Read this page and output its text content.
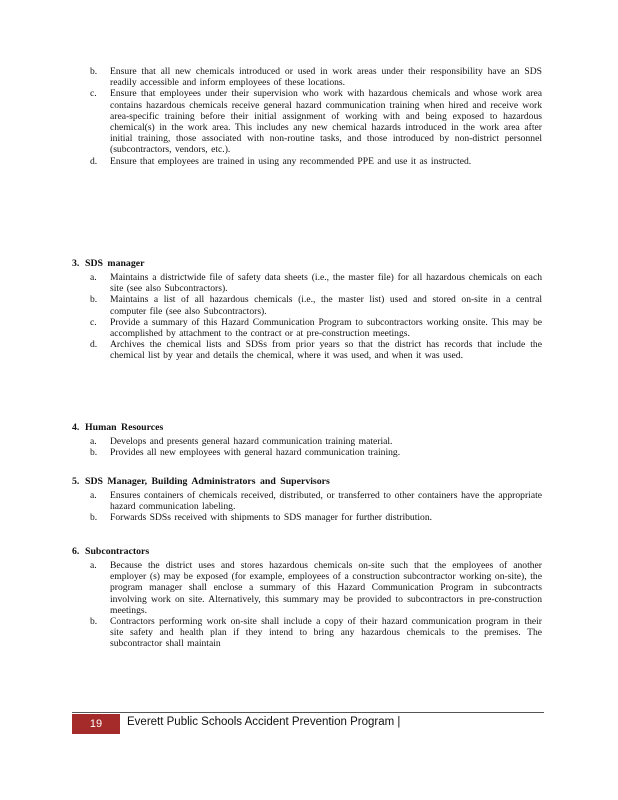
b.	Ensure that all new chemicals introduced or used in work areas under their responsibility have an SDS readily accessible and inform employees of these locations.
c.	Ensure that employees under their supervision who work with hazardous chemicals and whose work area contains hazardous chemicals receive general hazard communication training when hired and receive work area-specific training before their initial assignment of working with and being exposed to hazardous chemical(s) in the work area. This includes any new chemical hazards introduced in the work area after initial training, those associated with non-routine tasks, and those introduced by non-district personnel (subcontractors, vendors, etc.).
d.	Ensure that employees are trained in using any recommended PPE and use it as instructed.
3. SDS manager
a.	Maintains a districtwide file of safety data sheets (i.e., the master file) for all hazardous chemicals on each site (see also Subcontractors).
b.	Maintains a list of all hazardous chemicals (i.e., the master list) used and stored on-site in a central computer file (see also Subcontractors).
c.	Provide a summary of this Hazard Communication Program to subcontractors working onsite. This may be accomplished by attachment to the contract or at pre-construction meetings.
d.	Archives the chemical lists and SDSs from prior years so that the district has records that include the chemical list by year and details the chemical, where it was used, and when it was used.
4. Human Resources
a.	Develops and presents general hazard communication training material.
b.	Provides all new employees with general hazard communication training.
5. SDS Manager, Building Administrators and Supervisors
a.	Ensures containers of chemicals received, distributed, or transferred to other containers have the appropriate hazard communication labeling.
b.	Forwards SDSs received with shipments to SDS manager for further distribution.
6. Subcontractors
a.	Because the district uses and stores hazardous chemicals on-site such that the employees of another employer (s) may be exposed (for example, employees of a construction subcontractor working on-site), the program manager shall enclose a summary of this Hazard Communication Program in subcontracts involving work on site. Alternatively, this summary may be provided to subcontractors in pre-construction meetings.
b.	Contractors performing work on-site shall include a copy of their hazard communication program in their site safety and health plan if they intend to bring any hazardous chemicals to the premises. The subcontractor shall maintain
19 Everett Public Schools Accident Prevention Program |
